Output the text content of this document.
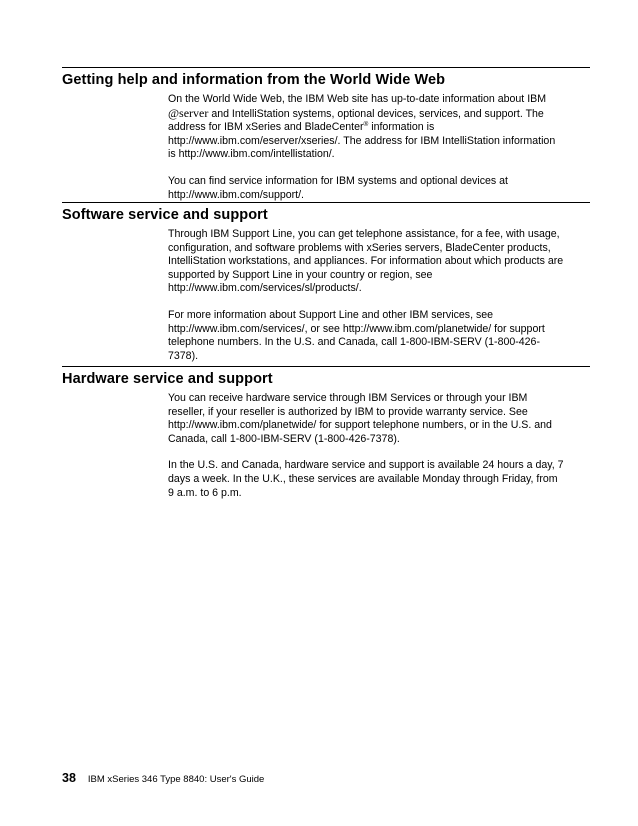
Getting help and information from the World Wide Web

On the World Wide Web, the IBM Web site has up-to-date information about IBM @server and IntelliStation systems, optional devices, services, and support. The address for IBM xSeries and BladeCenter® information is http://www.ibm.com/eserver/xseries/. The address for IBM IntelliStation information is http://www.ibm.com/intellistation/.

You can find service information for IBM systems and optional devices at http://www.ibm.com/support/.

Software service and support

Through IBM Support Line, you can get telephone assistance, for a fee, with usage, configuration, and software problems with xSeries servers, BladeCenter products, IntelliStation workstations, and appliances. For information about which products are supported by Support Line in your country or region, see http://www.ibm.com/services/sl/products/.

For more information about Support Line and other IBM services, see http://www.ibm.com/services/, or see http://www.ibm.com/planetwide/ for support telephone numbers. In the U.S. and Canada, call 1-800-IBM-SERV (1-800-426-7378).

Hardware service and support

You can receive hardware service through IBM Services or through your IBM reseller, if your reseller is authorized by IBM to provide warranty service. See http://www.ibm.com/planetwide/ for support telephone numbers, or in the U.S. and Canada, call 1-800-IBM-SERV (1-800-426-7378).

In the U.S. and Canada, hardware service and support is available 24 hours a day, 7 days a week. In the U.K., these services are available Monday through Friday, from 9 a.m. to 6 p.m.

38 IBM xSeries 346 Type 8840: User's Guide
